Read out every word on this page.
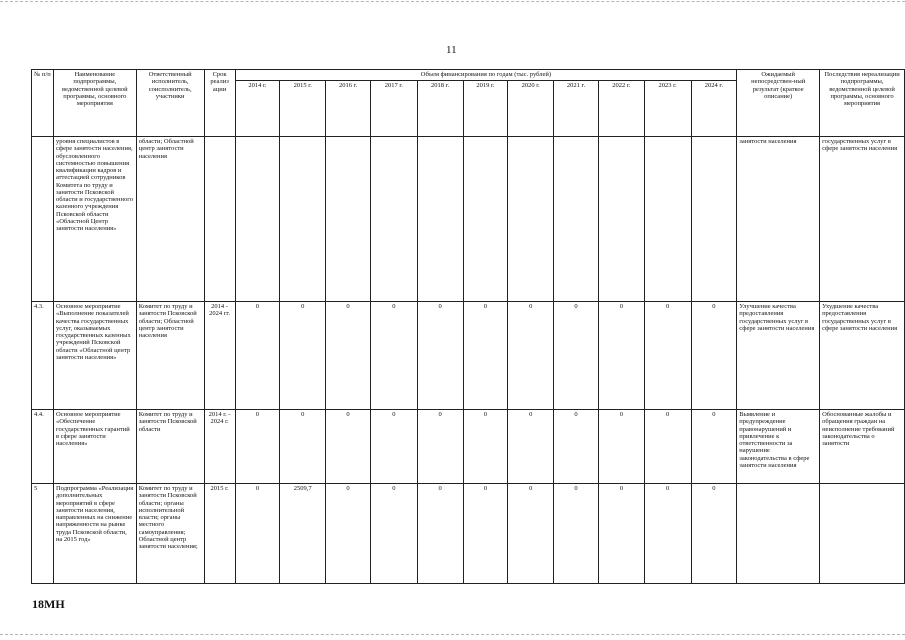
11
№ п/п	Наименование подпрограммы, ведомственной целевой программы, основного мероприятия	Ответственный исполнитель, соисполнитель, участники	Срок реализ ации	Объем финансирования по годам (тыс. рублей)											Ожидаемый непосредствен-ный результат (краткое описание)	Последствия нереализации подпрограммы, ведомственной целевой программы, основного мероприятия
				2014 г.	2015 г.	2016 г.	2017 г.	2018 г.	2019 г.	2020 г.	2021 г.	2022 г.	2023 г.	2024 г.		
	уровня специалистов в сфере занятости населения, обусловленного системностью повышения квалификации кадров и аттестацией сотрудников Комитета по труду и занятости Псковской области и государственного казенного учреждения Псковской области «Областной Центр занятости населения»	области; Областной центр занятости населения													занятости населения	государственных услуг в сфере занятости населения
4.3.	Основное мероприятие «Выполнение показателей качества государственных услуг, оказываемых государственных казенных учреждений Псковской области «Областной центр занятости населения»	Комитет по труду и занятости Псковской области; Областной центр занятости населения	2014 - 2024 гг.	0	0	0	0	0	0	0	0	0	0	0	Улучшение качества предоставления государственных услуг в сфере занятости населения	Ухудшение качества предоставления государственных услуг в сфере занятости населения
4.4.	Основное мероприятие «Обеспечение государственных гарантий в сфере занятости населения»	Комитет по труду и занятости Псковской области	2014 г. - 2024 г.	0	0	0	0	0	0	0	0	0	0	0	Выявление и предупреждение правонарушений и привлечение к ответственности за нарушение законодательства в сфере занятости населения	Обоснованные жалобы и обращения граждан на неисполнение требований законодательства о занятости
5	Подпрограмма «Реализация дополнительных мероприятий в сфере занятости населения, направленных на снижение напряженности на рынке труда Псковской области, на 2015 год»	Комитет по труду и занятости Псковской области; органы исполнительной власти; органы местного самоуправления; Областной центр занятости населения;	2015 г.	0	2509,7	0	0	0	0	0	0	0	0	0		
18МН
